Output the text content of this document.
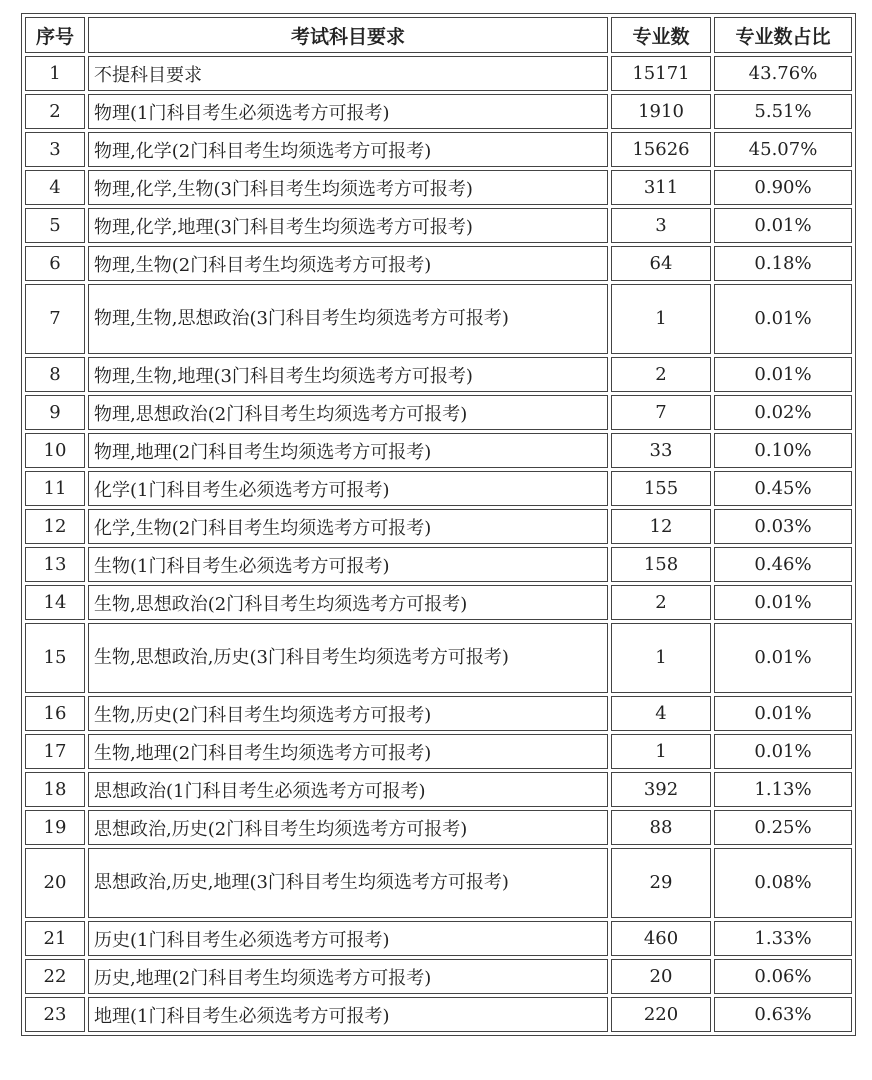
序号	考试科目要求	专业数	专业数占比
1	不提科目要求	15171	43.76%
2	物理(1门科目考生必须选考方可报考)	1910	5.51%
3	物理,化学(2门科目考生均须选考方可报考)	15626	45.07%
4	物理,化学,生物(3门科目考生均须选考方可报考)	311	0.90%
5	物理,化学,地理(3门科目考生均须选考方可报考)	3	0.01%
6	物理,生物(2门科目考生均须选考方可报考)	64	0.18%
7	物理,生物,思想政治(3门科目考生均须选考方可报考)	1	0.01%
8	物理,生物,地理(3门科目考生均须选考方可报考)	2	0.01%
9	物理,思想政治(2门科目考生均须选考方可报考)	7	0.02%
10	物理,地理(2门科目考生均须选考方可报考)	33	0.10%
11	化学(1门科目考生必须选考方可报考)	155	0.45%
12	化学,生物(2门科目考生均须选考方可报考)	12	0.03%
13	生物(1门科目考生必须选考方可报考)	158	0.46%
14	生物,思想政治(2门科目考生均须选考方可报考)	2	0.01%
15	生物,思想政治,历史(3门科目考生均须选考方可报考)	1	0.01%
16	生物,历史(2门科目考生均须选考方可报考)	4	0.01%
17	生物,地理(2门科目考生均须选考方可报考)	1	0.01%
18	思想政治(1门科目考生必须选考方可报考)	392	1.13%
19	思想政治,历史(2门科目考生均须选考方可报考)	88	0.25%
20	思想政治,历史,地理(3门科目考生均须选考方可报考)	29	0.08%
21	历史(1门科目考生必须选考方可报考)	460	1.33%
22	历史,地理(2门科目考生均须选考方可报考)	20	0.06%
23	地理(1门科目考生必须选考方可报考)	220	0.63%
